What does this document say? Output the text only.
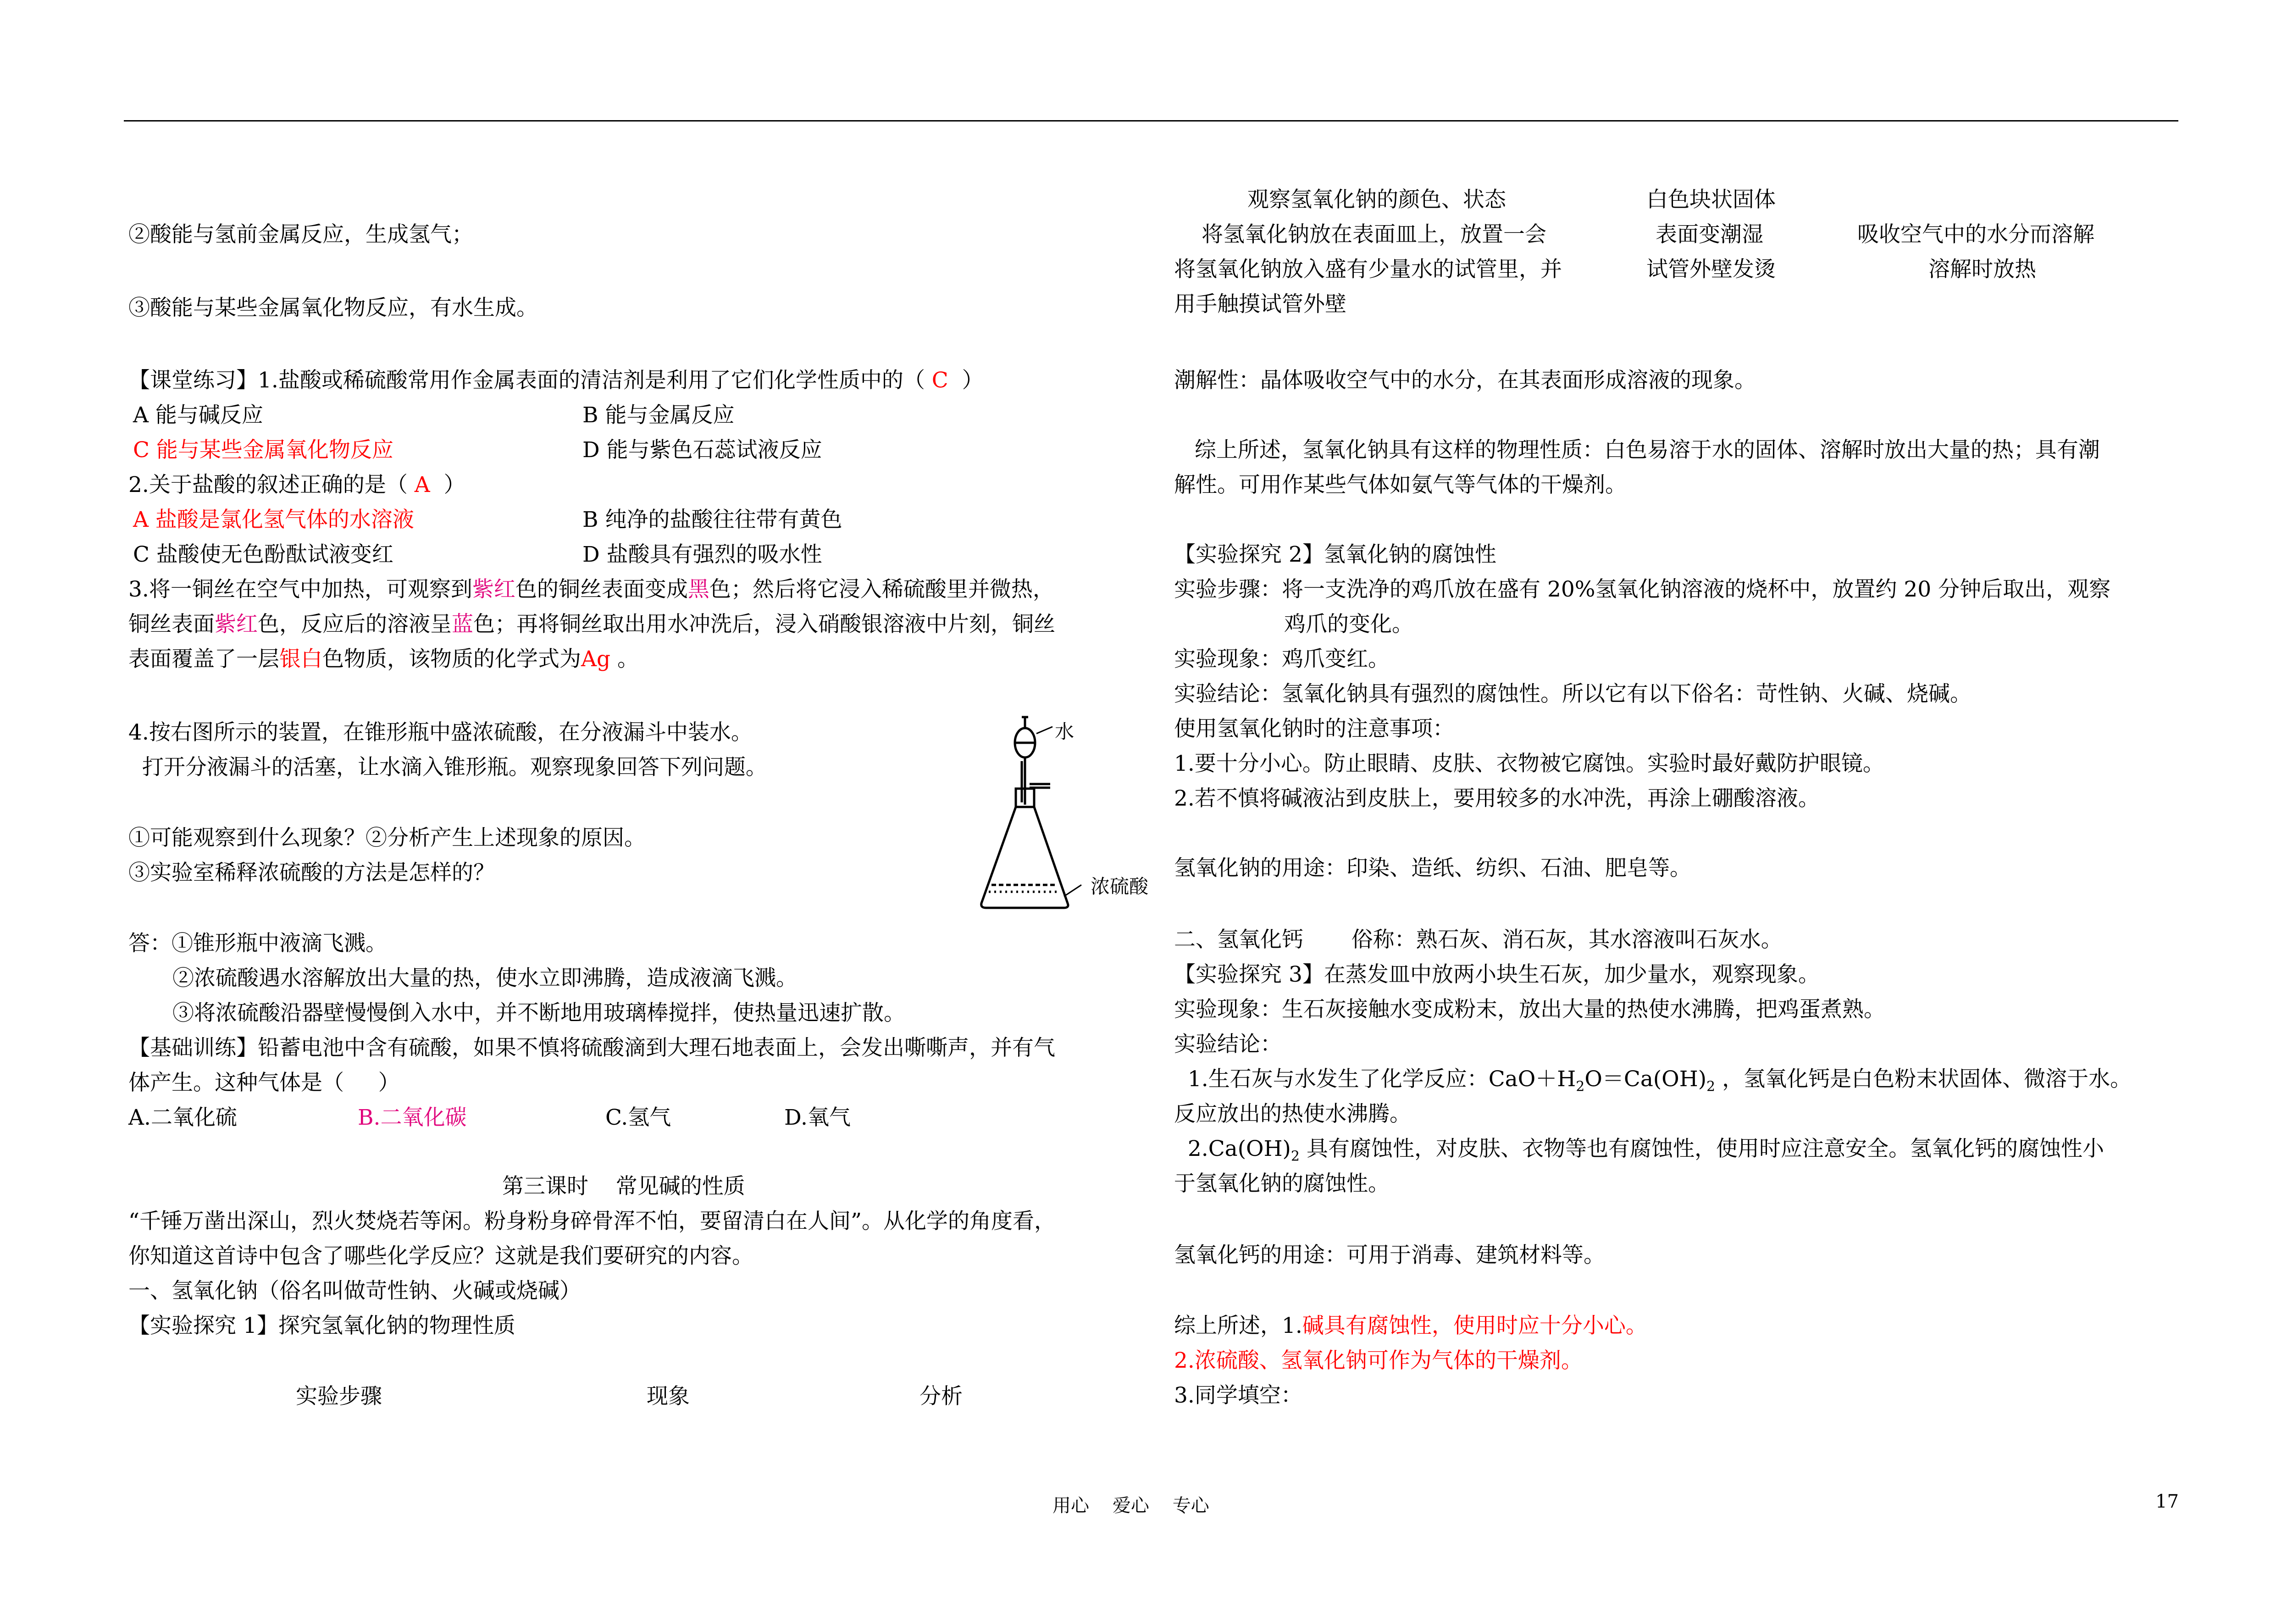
②酸能与氢前金属反应，生成氢气；
③酸能与某些金属氧化物反应，有水生成。
【课堂练习】1.盐酸或稀硫酸常用作金属表面的清洁剂是利用了它们化学性质中的（ C ）
A 能与碱反应	B 能与金属反应
C 能与某些金属氧化物反应	D 能与紫色石蕊试液反应
2.关于盐酸的叙述正确的是（ A ）
A 盐酸是氯化氢气体的水溶液	B 纯净的盐酸往往带有黄色
C 盐酸使无色酚酞试液变红	D 盐酸具有强烈的吸水性
3.将一铜丝在空气中加热，可观察到紫红色的铜丝表面变成黑色；然后将它浸入稀硫酸里并微热，
铜丝表面紫红色，反应后的溶液呈蓝色；再将铜丝取出用水冲洗后，浸入硝酸银溶液中片刻，铜丝
表面覆盖了一层银白色物质，该物质的化学式为Ag 。
4.按右图所示的装置，在锥形瓶中盛浓硫酸，在分液漏斗中装水。
打开分液漏斗的活塞，让水滴入锥形瓶。观察现象回答下列问题。
①可能观察到什么现象？②分析产生上述现象的原因。
③实验室稀释浓硫酸的方法是怎样的？
答：①锥形瓶中液滴飞溅。
②浓硫酸遇水溶解放出大量的热，使水立即沸腾，造成液滴飞溅。
③将浓硫酸沿器壁慢慢倒入水中，并不断地用玻璃棒搅拌，使热量迅速扩散。
【基础训练】铅蓄电池中含有硫酸，如果不慎将硫酸滴到大理石地表面上，会发出嘶嘶声，并有气
体产生。这种气体是（     ）
A.二氧化硫	B.二氧化碳	C.氢气	D.氧气
第三课时    常见碱的性质
“千锤万凿出深山，烈火焚烧若等闲。粉身粉身碎骨浑不怕，要留清白在人间”。从化学的角度看，
你知道这首诗中包含了哪些化学反应？这就是我们要研究的内容。
一、氢氧化钠（俗名叫做苛性钠、火碱或烧碱）
【实验探究 1】探究氢氧化钠的物理性质
实验步骤	现象	分析
水
浓硫酸
观察氢氧化钠的颜色、状态	白色块状固体
将氢氧化钠放在表面皿上，放置一会	表面变潮湿	吸收空气中的水分而溶解
将氢氧化钠放入盛有少量水的试管里，并	试管外壁发烫	溶解时放热
用手触摸试管外壁
潮解性：晶体吸收空气中的水分，在其表面形成溶液的现象。
综上所述，氢氧化钠具有这样的物理性质：白色易溶于水的固体、溶解时放出大量的热；具有潮
解性。可用作某些气体如氨气等气体的干燥剂。
【实验探究 2】氢氧化钠的腐蚀性
实验步骤：将一支洗净的鸡爪放在盛有 20%氢氧化钠溶液的烧杯中，放置约 20 分钟后取出，观察
鸡爪的变化。
实验现象：鸡爪变红。
实验结论：氢氧化钠具有强烈的腐蚀性。所以它有以下俗名：苛性钠、火碱、烧碱。
使用氢氧化钠时的注意事项：
1.要十分小心。防止眼睛、皮肤、衣物被它腐蚀。实验时最好戴防护眼镜。
2.若不慎将碱液沾到皮肤上，要用较多的水冲洗，再涂上硼酸溶液。
氢氧化钠的用途：印染、造纸、纺织、石油、肥皂等。
二、氢氧化钙       俗称：熟石灰、消石灰，其水溶液叫石灰水。
【实验探究 3】在蒸发皿中放两小块生石灰，加少量水，观察现象。
实验现象：生石灰接触水变成粉末，放出大量的热使水沸腾，把鸡蛋煮熟。
实验结论：
1.生石灰与水发生了化学反应：$CaO+H_2O=Ca(OH)_2$ ，氢氧化钙是白色粉末状固体、微溶于水。
反应放出的热使水沸腾。
$2.Ca(OH)_2$ 具有腐蚀性，对皮肤、衣物等也有腐蚀性，使用时应注意安全。氢氧化钙的腐蚀性小
于氢氧化钠的腐蚀性。
氢氧化钙的用途：可用于消毒、建筑材料等。
综上所述，1.碱具有腐蚀性，使用时应十分小心。
2.浓硫酸、氢氧化钠可作为气体的干燥剂。
3.同学填空：
用心    爱心    专心	17
